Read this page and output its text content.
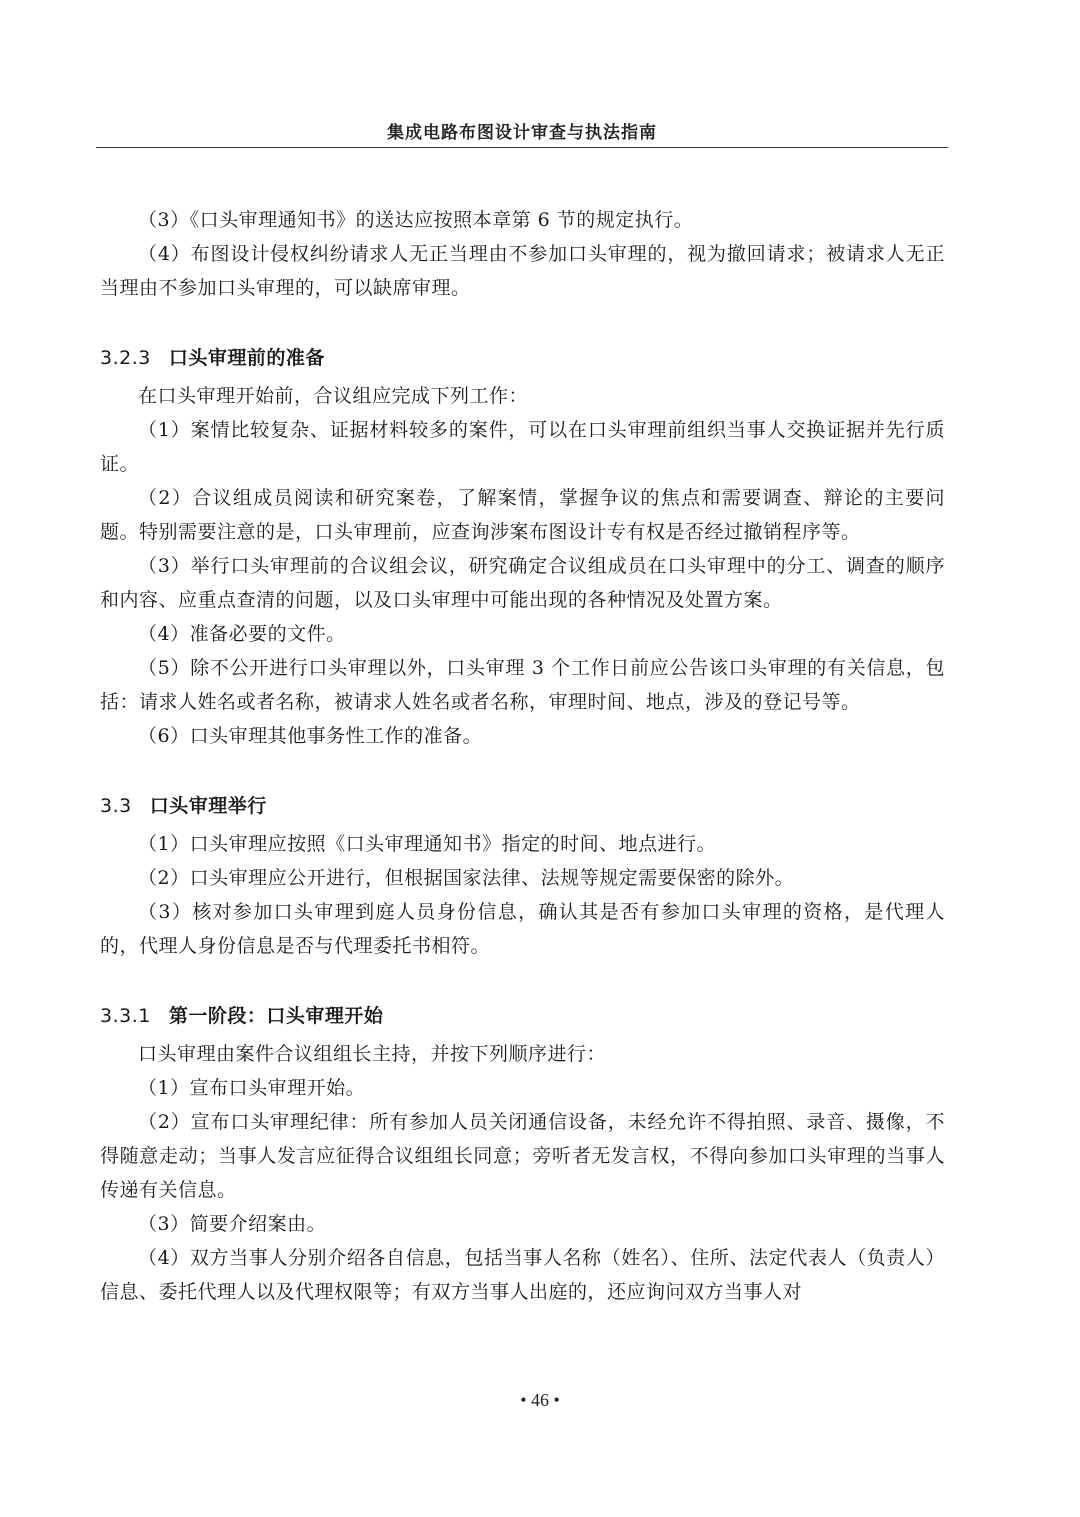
集成电路布图设计审查与执法指南

（3）《口头审理通知书》的送达应按照本章第 6 节的规定执行。

（4）布图设计侵权纠纷请求人无正当理由不参加口头审理的，视为撤回请求；被请求人无正当理由不参加口头审理的，可以缺席审理。

3.2.3 口头审理前的准备

在口头审理开始前，合议组应完成下列工作：

（1）案情比较复杂、证据材料较多的案件，可以在口头审理前组织当事人交换证据并先行质证。

（2）合议组成员阅读和研究案卷，了解案情，掌握争议的焦点和需要调查、辩论的主要问题。特别需要注意的是，口头审理前，应查询涉案布图设计专有权是否经过撤销程序等。

（3）举行口头审理前的合议组会议，研究确定合议组成员在口头审理中的分工、调查的顺序和内容、应重点查清的问题，以及口头审理中可能出现的各种情况及处置方案。

（4）准备必要的文件。

（5）除不公开进行口头审理以外，口头审理 3 个工作日前应公告该口头审理的有关信息，包括：请求人姓名或者名称，被请求人姓名或者名称，审理时间、地点，涉及的登记号等。

（6）口头审理其他事务性工作的准备。

3.3 口头审理举行

（1）口头审理应按照《口头审理通知书》指定的时间、地点进行。

（2）口头审理应公开进行，但根据国家法律、法规等规定需要保密的除外。

（3）核对参加口头审理到庭人员身份信息，确认其是否有参加口头审理的资格，是代理人的，代理人身份信息是否与代理委托书相符。

3.3.1 第一阶段：口头审理开始

口头审理由案件合议组组长主持，并按下列顺序进行：

（1）宣布口头审理开始。

（2）宣布口头审理纪律：所有参加人员关闭通信设备，未经允许不得拍照、录音、摄像，不得随意走动；当事人发言应征得合议组组长同意；旁听者无发言权，不得向参加口头审理的当事人传递有关信息。

（3）简要介绍案由。

（4）双方当事人分别介绍各自信息，包括当事人名称（姓名）、住所、法定代表人（负责人）信息、委托代理人以及代理权限等；有双方当事人出庭的，还应询问双方当事人对

• 46 •
